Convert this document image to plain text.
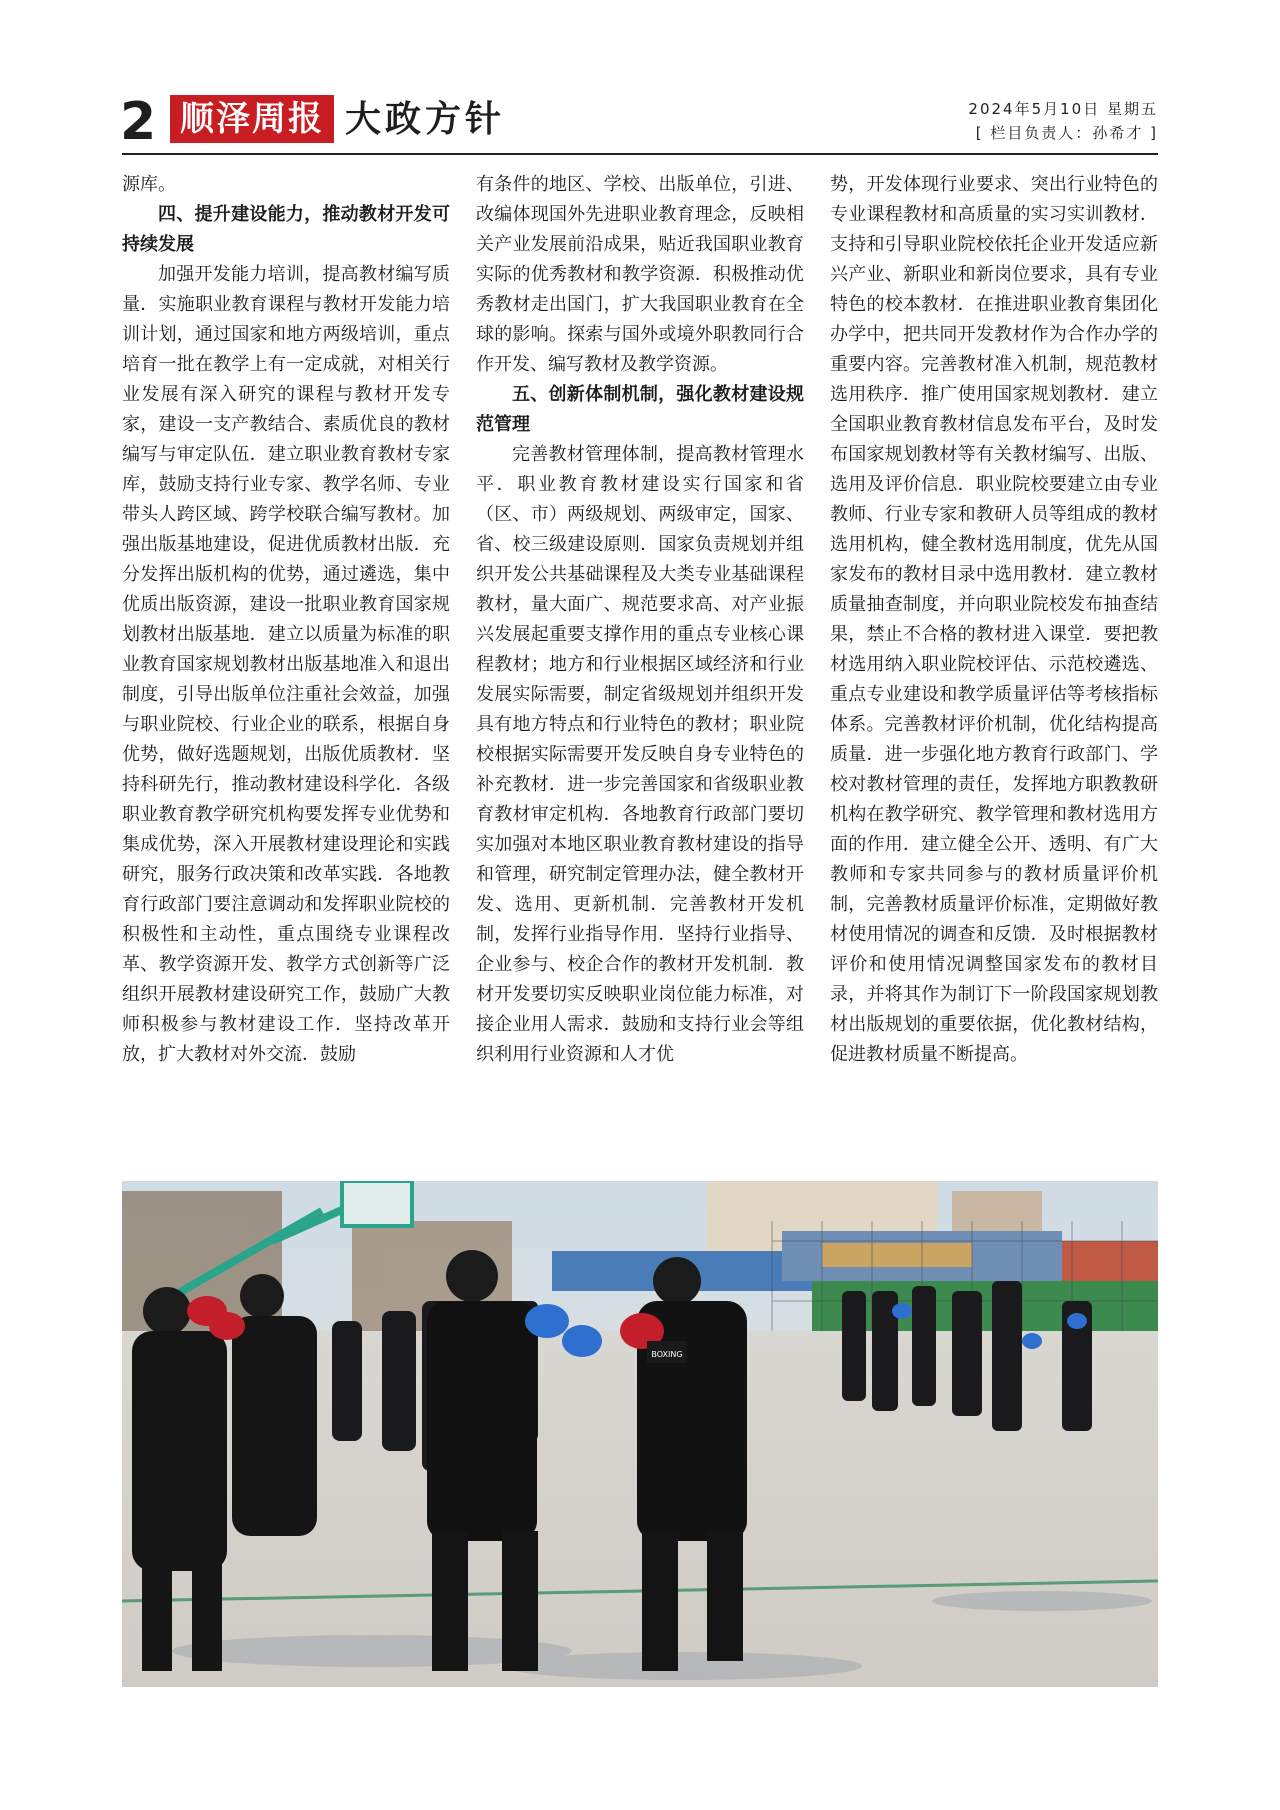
2 顺泽周报 大政方针	2024年5月10日 星期五
[ 栏目负责人：孙希才 ]

源库。

四、提升建设能力，推动教材开发可持续发展

加强开发能力培训，提高教材编写质量．实施职业教育课程与教材开发能力培训计划，通过国家和地方两级培训，重点培育一批在教学上有一定成就，对相关行业发展有深入研究的课程与教材开发专家，建设一支产教结合、素质优良的教材编写与审定队伍．建立职业教育教材专家库，鼓励支持行业专家、教学名师、专业带头人跨区域、跨学校联合编写教材。加强出版基地建设，促进优质教材出版．充分发挥出版机构的优势，通过遴选，集中优质出版资源，建设一批职业教育国家规划教材出版基地．建立以质量为标准的职业教育国家规划教材出版基地准入和退出制度，引导出版单位注重社会效益，加强与职业院校、行业企业的联系，根据自身优势，做好选题规划，出版优质教材．坚持科研先行，推动教材建设科学化．各级职业教育教学研究机构要发挥专业优势和集成优势，深入开展教材建设理论和实践研究，服务行政决策和改革实践．各地教育行政部门要注意调动和发挥职业院校的积极性和主动性，重点围绕专业课程改革、教学资源开发、教学方式创新等广泛组织开展教材建设研究工作，鼓励广大教师积极参与教材建设工作．坚持改革开放，扩大教材对外交流．鼓励

有条件的地区、学校、出版单位，引进、改编体现国外先进职业教育理念，反映相关产业发展前沿成果，贴近我国职业教育实际的优秀教材和教学资源．积极推动优秀教材走出国门，扩大我国职业教育在全球的影响。探索与国外或境外职教同行合作开发、编写教材及教学资源。

五、创新体制机制，强化教材建设规范管理

完善教材管理体制，提高教材管理水平．职业教育教材建设实行国家和省（区、市）两级规划、两级审定，国家、省、校三级建设原则．国家负责规划并组织开发公共基础课程及大类专业基础课程教材，量大面广、规范要求高、对产业振兴发展起重要支撑作用的重点专业核心课程教材；地方和行业根据区域经济和行业发展实际需要，制定省级规划并组织开发具有地方特点和行业特色的教材；职业院校根据实际需要开发反映自身专业特色的补充教材．进一步完善国家和省级职业教育教材审定机构．各地教育行政部门要切实加强对本地区职业教育教材建设的指导和管理，研究制定管理办法，健全教材开发、选用、更新机制．完善教材开发机制，发挥行业指导作用．坚持行业指导、企业参与、校企合作的教材开发机制．教材开发要切实反映职业岗位能力标准，对接企业用人需求．鼓励和支持行业会等组织利用行业资源和人才优

势，开发体现行业要求、突出行业特色的专业课程教材和高质量的实习实训教材．支持和引导职业院校依托企业开发适应新兴产业、新职业和新岗位要求，具有专业特色的校本教材．在推进职业教育集团化办学中，把共同开发教材作为合作办学的重要内容。完善教材准入机制，规范教材选用秩序．推广使用国家规划教材．建立全国职业教育教材信息发布平台，及时发布国家规划教材等有关教材编写、出版、选用及评价信息．职业院校要建立由专业教师、行业专家和教研人员等组成的教材选用机构，健全教材选用制度，优先从国家发布的教材目录中选用教材．建立教材质量抽查制度，并向职业院校发布抽查结果，禁止不合格的教材进入课堂．要把教材选用纳入职业院校评估、示范校遴选、重点专业建设和教学质量评估等考核指标体系。完善教材评价机制，优化结构提高质量．进一步强化地方教育行政部门、学校对教材管理的责任，发挥地方职教教研机构在教学研究、教学管理和教材选用方面的作用．建立健全公开、透明、有广大教师和专家共同参与的教材质量评价机制，完善教材质量评价标准，定期做好教材使用情况的调查和反馈．及时根据教材评价和使用情况调整国家发布的教材目录，并将其作为制订下一阶段国家规划教材出版规划的重要依据，优化教材结构，促进教材质量不断提高。

BOXING
